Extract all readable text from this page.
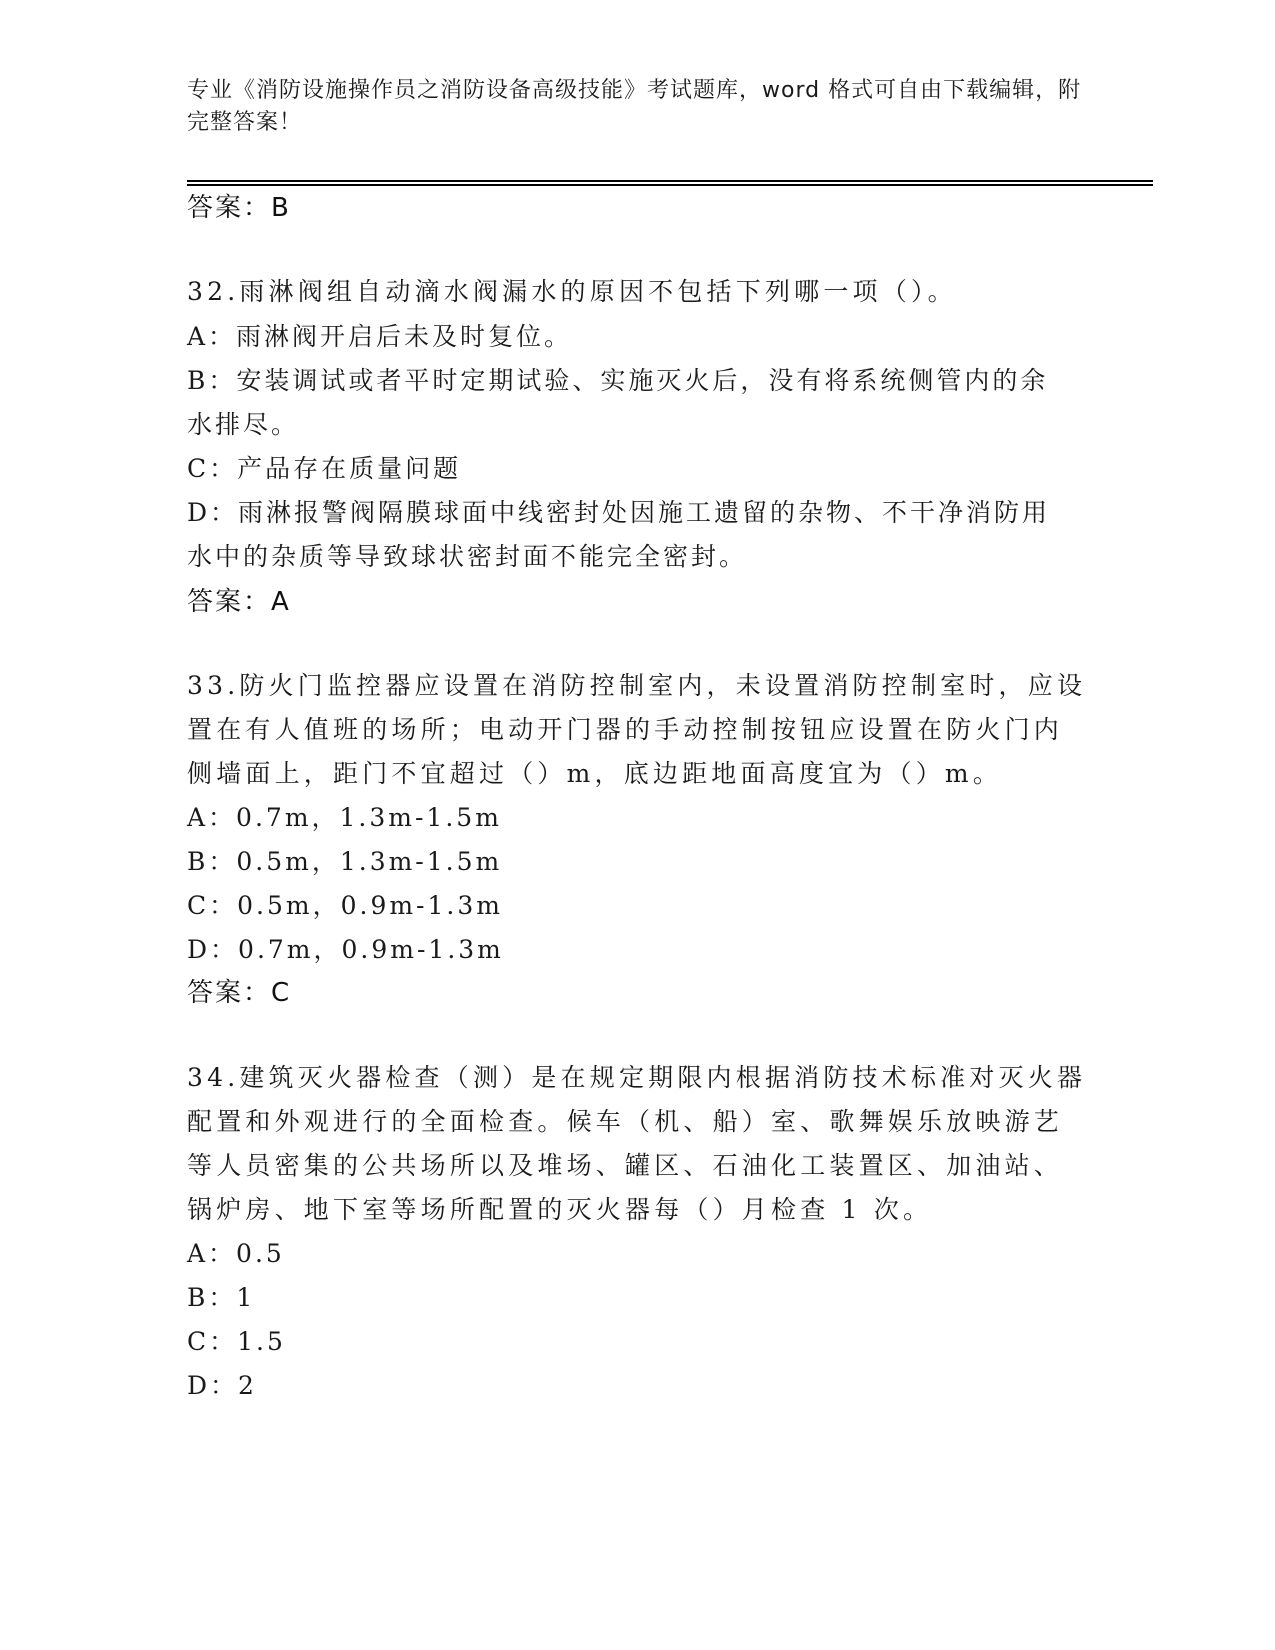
专业《消防设施操作员之消防设备高级技能》考试题库，word 格式可自由下载编辑，附完整答案！
答案：B
32.雨淋阀组自动滴水阀漏水的原因不包括下列哪一项（）。
A：雨淋阀开启后未及时复位。
B：安装调试或者平时定期试验、实施灭火后，没有将系统侧管内的余
水排尽。
C：产品存在质量问题
D：雨淋报警阀隔膜球面中线密封处因施工遗留的杂物、不干净消防用
水中的杂质等导致球状密封面不能完全密封。
答案：A
33.防火门监控器应设置在消防控制室内，未设置消防控制室时，应设
置在有人值班的场所；电动开门器的手动控制按钮应设置在防火门内
侧墙面上，距门不宜超过（）m，底边距地面高度宜为（）m。
A：0.7m，1.3m-1.5m
B：0.5m，1.3m-1.5m
C：0.5m，0.9m-1.3m
D：0.7m，0.9m-1.3m
答案：C
34.建筑灭火器检查（测）是在规定期限内根据消防技术标准对灭火器
配置和外观进行的全面检查。候车（机、船）室、歌舞娱乐放映游艺
等人员密集的公共场所以及堆场、罐区、石油化工装置区、加油站、
锅炉房、地下室等场所配置的灭火器每（）月检查 1 次。
A：0.5
B：1
C：1.5
D：2
